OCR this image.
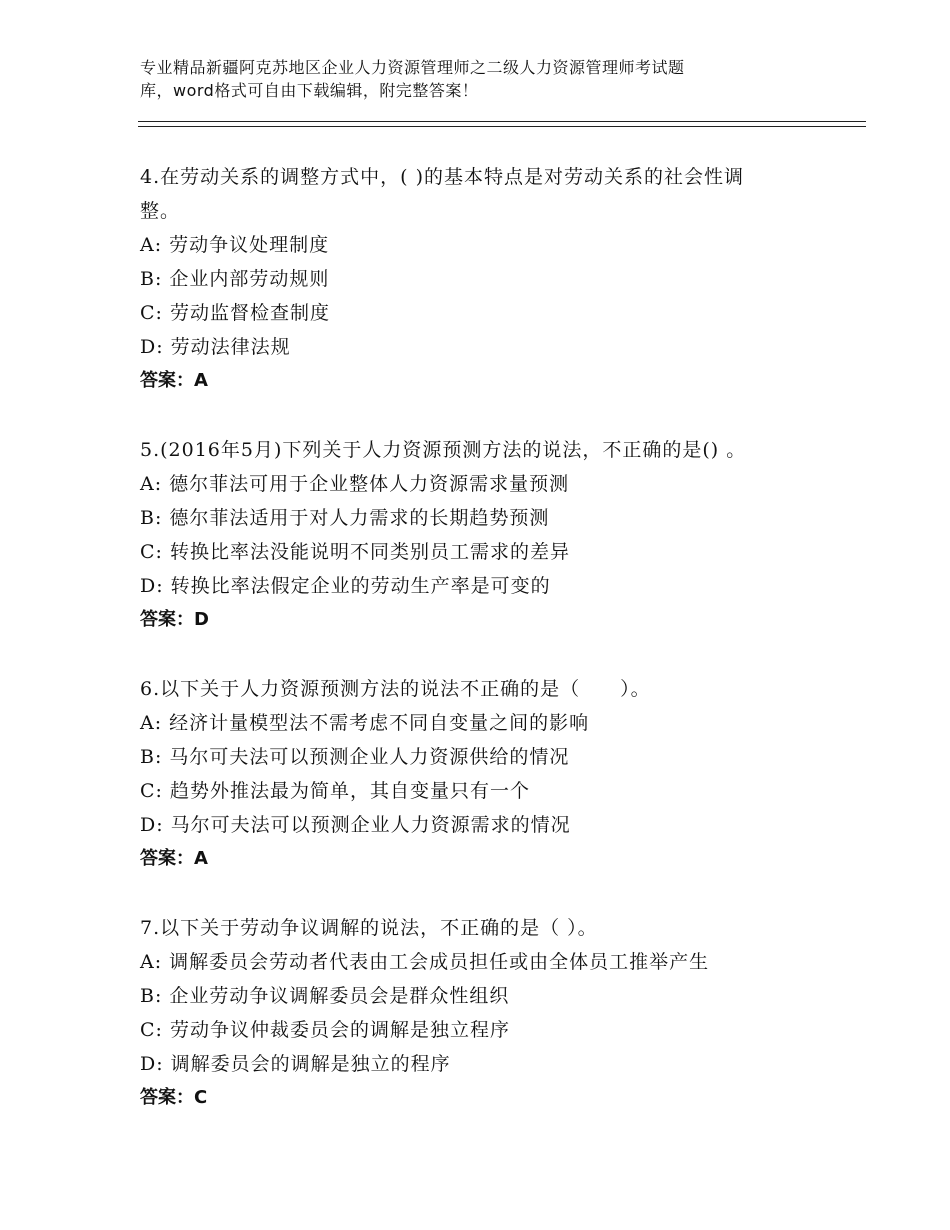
专业精品新疆阿克苏地区企业人力资源管理师之二级人力资源管理师考试题
库，word格式可自由下载编辑，附完整答案！

4.在劳动关系的调整方式中，( )的基本特点是对劳动关系的社会性调

整。

A: 劳动争议处理制度

B: 企业内部劳动规则

C: 劳动监督检查制度

D: 劳动法律法规

答案：A

5.(2016年5月)下列关于人力资源预测方法的说法，不正确的是() 。

A: 德尔菲法可用于企业整体人力资源需求量预测

B: 德尔菲法适用于对人力需求的长期趋势预测

C: 转换比率法没能说明不同类别员工需求的差异

D: 转换比率法假定企业的劳动生产率是可变的

答案：D

6.以下关于人力资源预测方法的说法不正确的是（　　）。

A: 经济计量模型法不需考虑不同自变量之间的影响

B: 马尔可夫法可以预测企业人力资源供给的情况

C: 趋势外推法最为简单，其自变量只有一个

D: 马尔可夫法可以预测企业人力资源需求的情况

答案：A

7.以下关于劳动争议调解的说法，不正确的是（ ）。

A: 调解委员会劳动者代表由工会成员担任或由全体员工推举产生

B: 企业劳动争议调解委员会是群众性组织

C: 劳动争议仲裁委员会的调解是独立程序

D: 调解委员会的调解是独立的程序

答案：C
